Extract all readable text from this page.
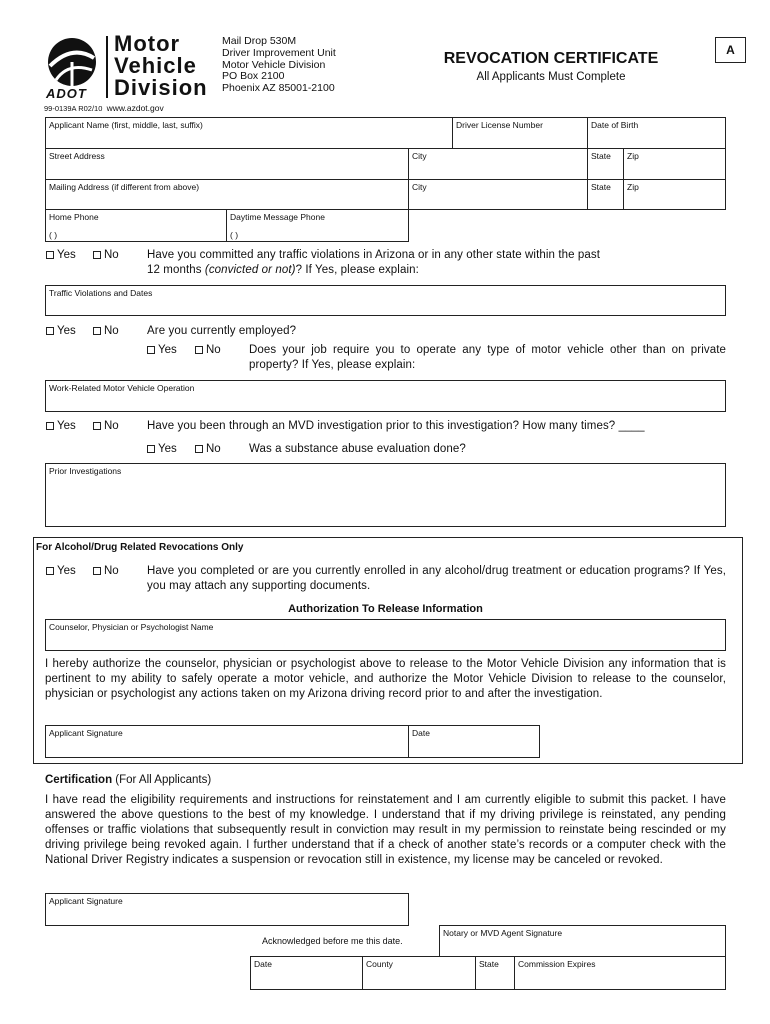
ADOT
Motor
Vehicle
Division
Mail Drop 530M
Driver Improvement Unit
Motor Vehicle Division
PO Box 2100
Phoenix AZ 85001-2100
99-0139A R02/10 www.azdot.gov
REVOCATION CERTIFICATE
All Applicants Must Complete
A
Applicant Name (first, middle, last, suffix)	Driver License Number	Date of Birth
Street Address	City	State Zip
Mailing Address (if different from above)	City	State Zip
Home Phone
( )
Daytime Message Phone
( )
Yes	No Have you committed any traffic violations in Arizona or in any other state within the past
12 months (convicted or not)? If Yes, please explain:
Traffic Violations and Dates
Yes	No Are you currently employed?
Yes	No Does your job require you to operate any type of motor vehicle other than on private property? If Yes, please explain:
Work-Related Motor Vehicle Operation
Yes	No Have you been through an MVD investigation prior to this investigation? How many times? ____
Yes	No Was a substance abuse evaluation done?
Prior Investigations
For Alcohol/Drug Related Revocations Only
Yes	No Have you completed or are you currently enrolled in any alcohol/drug treatment or education programs? If Yes, you may attach any supporting documents.
Authorization To Release Information
Counselor, Physician or Psychologist Name
I hereby authorize the counselor, physician or psychologist above to release to the Motor Vehicle Division any information that is pertinent to my ability to safely operate a motor vehicle, and authorize the Motor Vehicle Division to release to the counselor, physician or psychologist any actions taken on my Arizona driving record prior to and after the investigation.
Applicant Signature	Date
Certification (For All Applicants)
I have read the eligibility requirements and instructions for reinstatement and I am currently eligible to submit this packet. I have answered the above questions to the best of my knowledge. I understand that if my driving privilege is reinstated, any pending offenses or traffic violations that subsequently result in conviction may result in my permission to reinstate being rescinded or my driving privilege being revoked again. I further understand that if a check of another state’s records or a computer check with the National Driver Registry indicates a suspension or revocation still in existence, my license may be canceled or revoked.
Applicant Signature
Acknowledged before me this date.
Notary or MVD Agent Signature
Date	County	State Commission Expires
